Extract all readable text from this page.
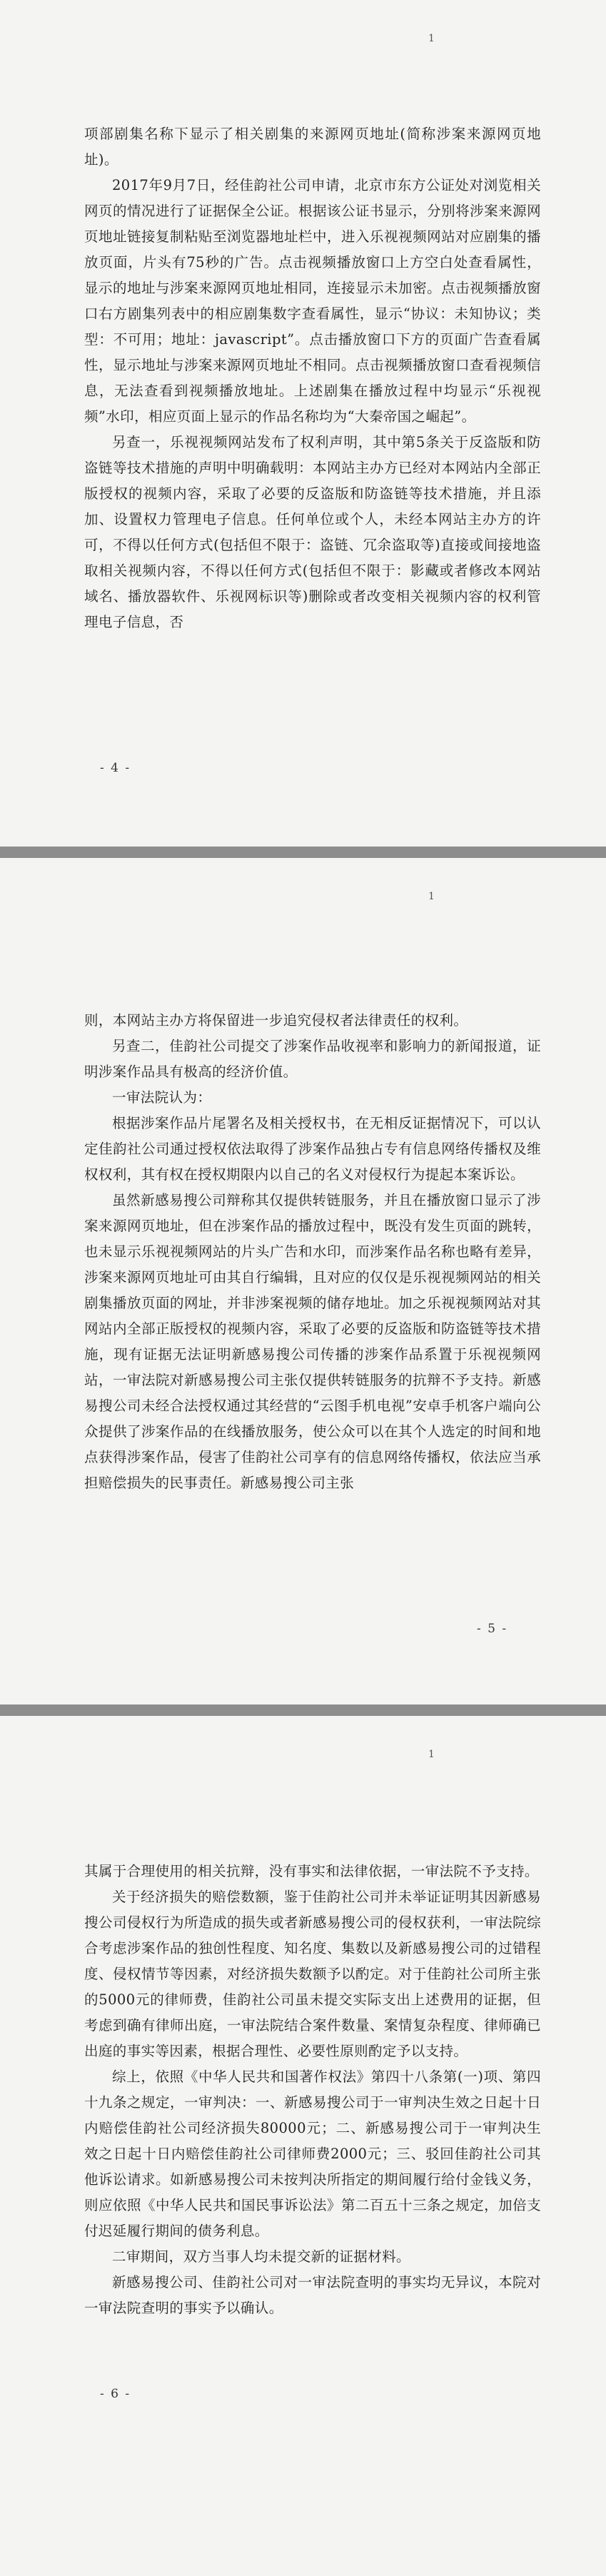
1

项部剧集名称下显示了相关剧集的来源网页地址(简称涉案来源网页地址)。

2017年9月7日，经佳韵社公司申请，北京市东方公证处对浏览相关网页的情况进行了证据保全公证。根据该公证书显示，分别将涉案来源网页地址链接复制粘贴至浏览器地址栏中，进入乐视视频网站对应剧集的播放页面，片头有75秒的广告。点击视频播放窗口上方空白处查看属性，显示的地址与涉案来源网页地址相同，连接显示未加密。点击视频播放窗口右方剧集列表中的相应剧集数字查看属性，显示“协议：未知协议；类型：不可用；地址：javascript”。点击播放窗口下方的页面广告查看属性，显示地址与涉案来源网页地址不相同。点击视频播放窗口查看视频信息，无法查看到视频播放地址。上述剧集在播放过程中均显示“乐视视频”水印，相应页面上显示的作品名称均为“大秦帝国之崛起”。

另查一，乐视视频网站发布了权利声明，其中第5条关于反盗版和防盗链等技术措施的声明中明确载明：本网站主办方已经对本网站内全部正版授权的视频内容，采取了必要的反盗版和防盗链等技术措施，并且添加、设置权力管理电子信息。任何单位或个人，未经本网站主办方的许可，不得以任何方式(包括但不限于：盗链、冗余盗取等)直接或间接地盗取相关视频内容，不得以任何方式(包括但不限于：影藏或者修改本网站域名、播放器软件、乐视网标识等)删除或者改变相关视频内容的权利管理电子信息，否

- 4 -
1

则，本网站主办方将保留进一步追究侵权者法律责任的权利。

另查二，佳韵社公司提交了涉案作品收视率和影响力的新闻报道，证明涉案作品具有极高的经济价值。

一审法院认为：

根据涉案作品片尾署名及相关授权书，在无相反证据情况下，可以认定佳韵社公司通过授权依法取得了涉案作品独占专有信息网络传播权及维权权利，其有权在授权期限内以自己的名义对侵权行为提起本案诉讼。

虽然新感易搜公司辩称其仅提供转链服务，并且在播放窗口显示了涉案来源网页地址，但在涉案作品的播放过程中，既没有发生页面的跳转，也未显示乐视视频网站的片头广告和水印，而涉案作品名称也略有差异，涉案来源网页地址可由其自行编辑，且对应的仅仅是乐视视频网站的相关剧集播放页面的网址，并非涉案视频的储存地址。加之乐视视频网站对其网站内全部正版授权的视频内容，采取了必要的反盗版和防盗链等技术措施，现有证据无法证明新感易搜公司传播的涉案作品系置于乐视视频网站，一审法院对新感易搜公司主张仅提供转链服务的抗辩不予支持。新感易搜公司未经合法授权通过其经营的“云图手机电视”安卓手机客户端向公众提供了涉案作品的在线播放服务，使公众可以在其个人选定的时间和地点获得涉案作品，侵害了佳韵社公司享有的信息网络传播权，依法应当承担赔偿损失的民事责任。新感易搜公司主张

- 5 -
1

其属于合理使用的相关抗辩，没有事实和法律依据，一审法院不予支持。

关于经济损失的赔偿数额，鉴于佳韵社公司并未举证证明其因新感易搜公司侵权行为所造成的损失或者新感易搜公司的侵权获利，一审法院综合考虑涉案作品的独创性程度、知名度、集数以及新感易搜公司的过错程度、侵权情节等因素，对经济损失数额予以酌定。对于佳韵社公司所主张的5000元的律师费，佳韵社公司虽未提交实际支出上述费用的证据，但考虑到确有律师出庭，一审法院结合案件数量、案情复杂程度、律师确已出庭的事实等因素，根据合理性、必要性原则酌定予以支持。

综上，依照《中华人民共和国著作权法》第四十八条第(一)项、第四十九条之规定，一审判决：一、新感易搜公司于一审判决生效之日起十日内赔偿佳韵社公司经济损失80000元；二、新感易搜公司于一审判决生效之日起十日内赔偿佳韵社公司律师费2000元；三、驳回佳韵社公司其他诉讼请求。如新感易搜公司未按判决所指定的期间履行给付金钱义务，则应依照《中华人民共和国民事诉讼法》第二百五十三条之规定，加倍支付迟延履行期间的债务利息。

二审期间，双方当事人均未提交新的证据材料。

新感易搜公司、佳韵社公司对一审法院查明的事实均无异议，本院对一审法院查明的事实予以确认。

- 6 -
